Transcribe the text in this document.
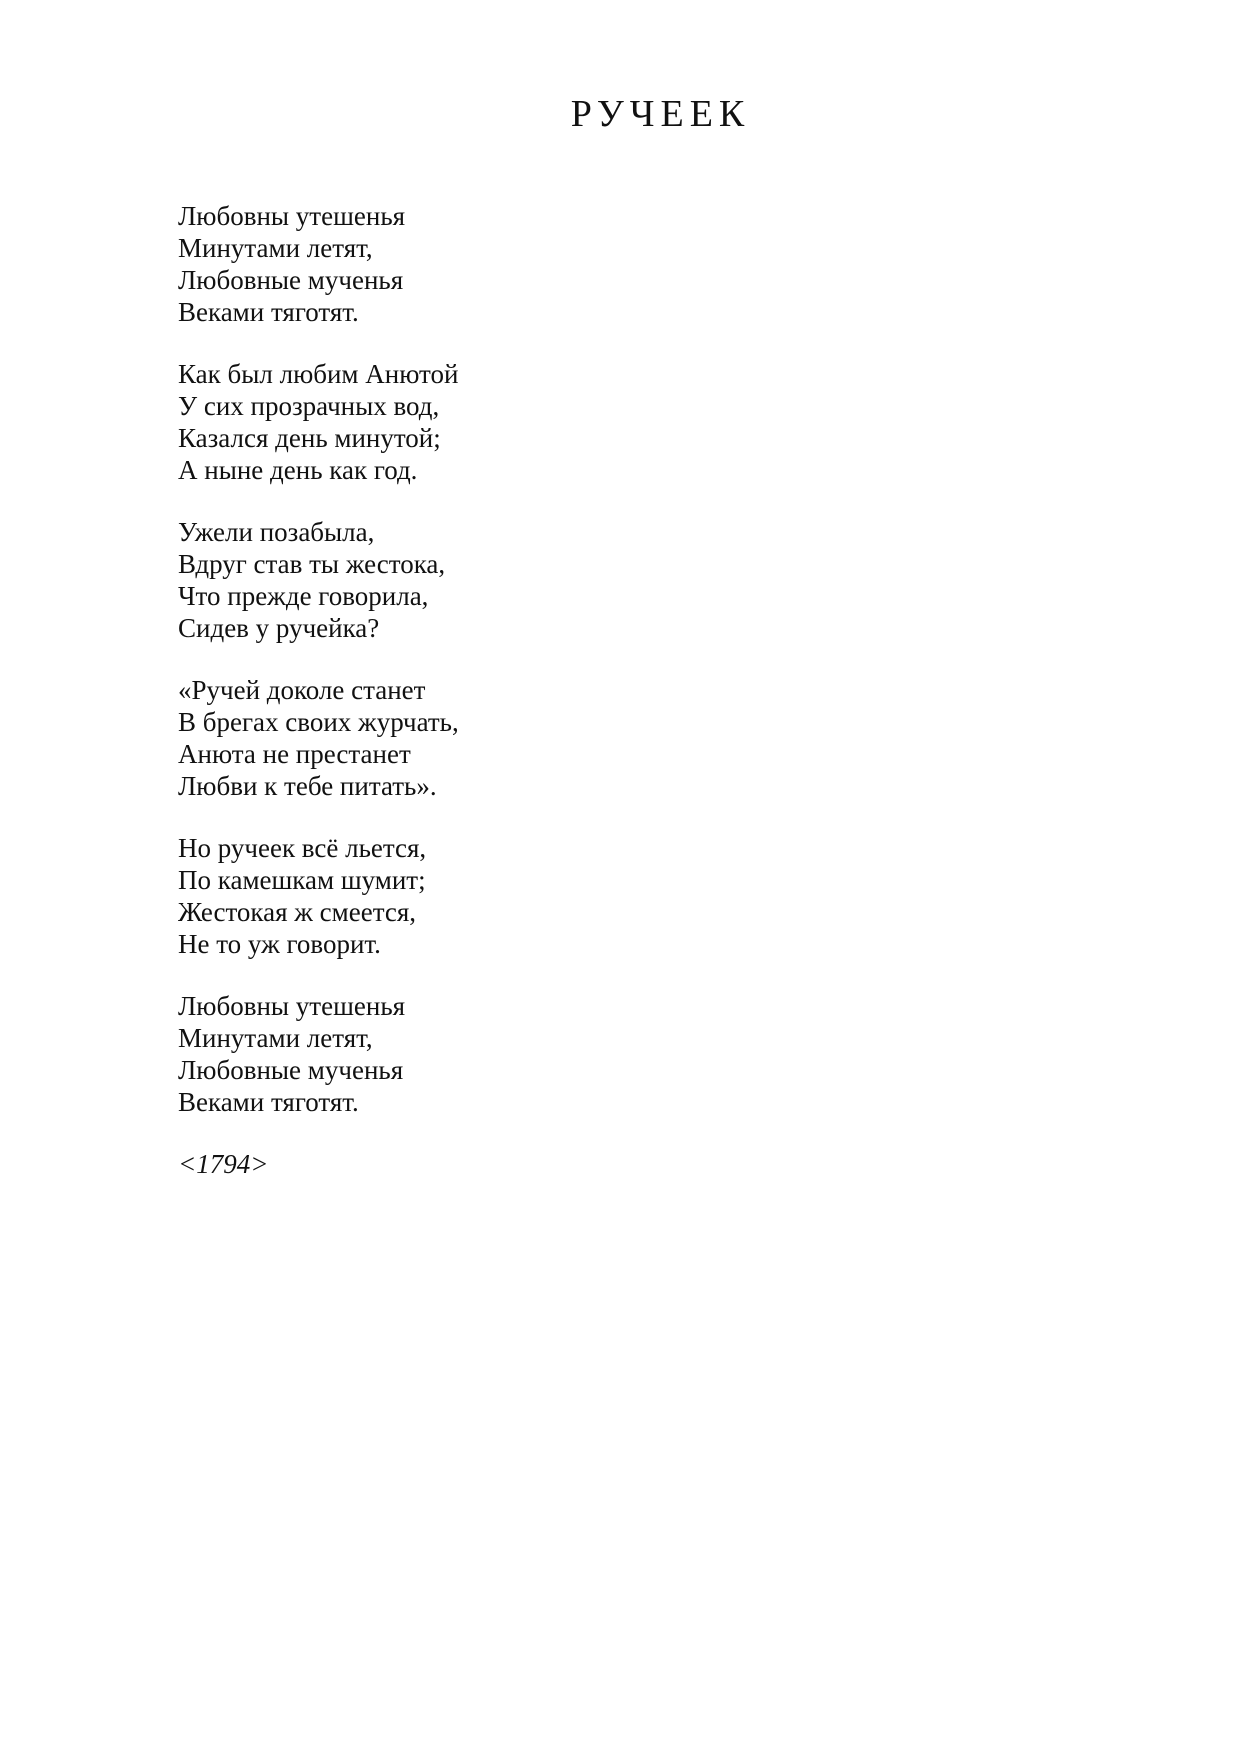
РУЧЕЕК
Любовны утешенья
Минутами летят,
Любовные мученья
Веками тяготят.
Как был любим Анютой
У сих прозрачных вод,
Казался день минутой;
А ныне день как год.
Ужели позабыла,
Вдруг став ты жестока,
Что прежде говорила,
Сидев у ручейка?
«Ручей доколе станет
В брегах своих журчать,
Анюта не престанет
Любви к тебе питать».
Но ручеек всё льется,
По камешкам шумит;
Жестокая ж смеется,
Не то уж говорит.
Любовны утешенья
Минутами летят,
Любовные мученья
Веками тяготят.
<1794>
